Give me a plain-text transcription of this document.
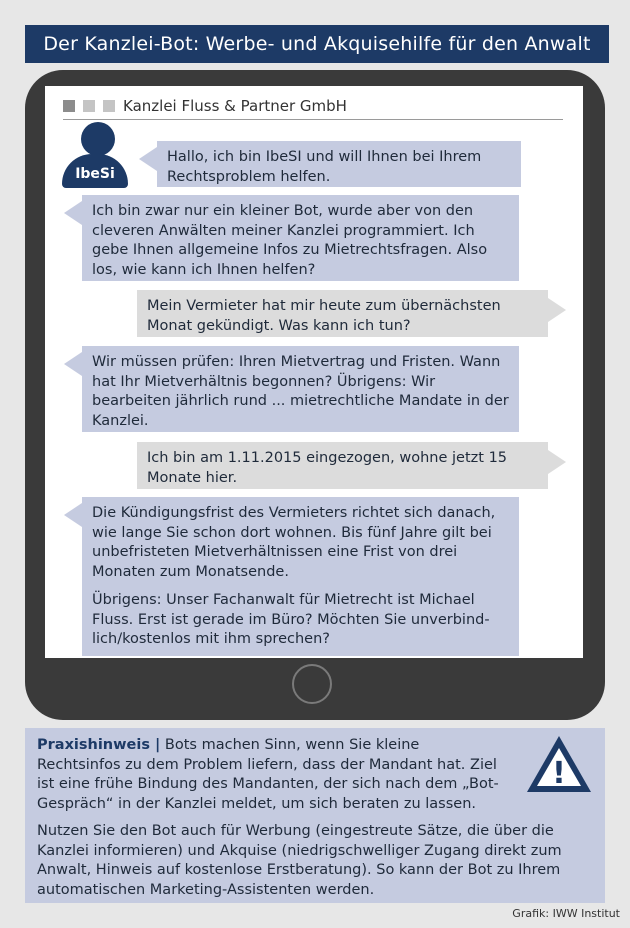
Der Kanzlei-Bot: Werbe- und Akquisehilfe für den Anwalt
Kanzlei Fluss & Partner GmbH
IbeSi

Hallo, ich bin IbeSI und will Ihnen bei Ihrem Rechtsproblem helfen.

Ich bin zwar nur ein kleiner Bot, wurde aber von den cleveren Anwälten meiner Kanzlei programmiert. Ich gebe Ihnen allgemeine Infos zu Mietrechtsfragen. Also los, wie kann ich Ihnen helfen?

Mein Vermieter hat mir heute zum übernächsten Monat gekündigt. Was kann ich tun?

Wir müssen prüfen: Ihren Mietvertrag und Fristen. Wann hat Ihr Mietverhältnis begonnen? Übrigens: Wir bearbeiten jährlich rund ... mietrechtliche Mandate in der Kanzlei.

Ich bin am 1.11.2015 eingezogen, wohne jetzt 15 Monate hier.

Die Kündigungsfrist des Vermieters richtet sich danach, wie lange Sie schon dort wohnen. Bis fünf Jahre gilt bei unbefristeten Mietverhältnissen eine Frist von drei Monaten zum Monatsende.

Übrigens: Unser Fachanwalt für Mietrecht ist Michael Fluss. Erst ist gerade im Büro? Möchten Sie unverbindlich/kostenlos mit ihm sprechen?

!

Praxishinweis | Bots machen Sinn, wenn Sie kleine Rechtsinfos zu dem Problem liefern, dass der Mandant hat. Ziel ist eine frühe Bindung des Mandanten, der sich nach dem „Bot-Gespräch“ in der Kanzlei meldet, um sich beraten zu lassen.

Nutzen Sie den Bot auch für Werbung (eingestreute Sätze, die über die Kanzlei informieren) und Akquise (niedrigschwelliger Zugang direkt zum Anwalt, Hinweis auf kostenlose Erstberatung). So kann der Bot zu Ihrem automatischen Marketing-Assistenten werden.

Grafik: IWW Institut
